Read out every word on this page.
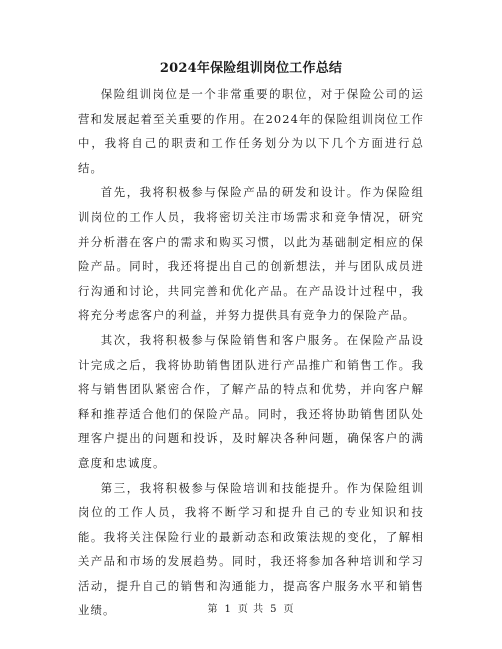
2024年保险组训岗位工作总结

保险组训岗位是一个非常重要的职位，对于保险公司的运营和发展起着至关重要的作用。在2024年的保险组训岗位工作中，我将自己的职责和工作任务划分为以下几个方面进行总结。

首先，我将积极参与保险产品的研发和设计。作为保险组训岗位的工作人员，我将密切关注市场需求和竞争情况，研究并分析潜在客户的需求和购买习惯，以此为基础制定相应的保险产品。同时，我还将提出自己的创新想法，并与团队成员进行沟通和讨论，共同完善和优化产品。在产品设计过程中，我将充分考虑客户的利益，并努力提供具有竞争力的保险产品。

其次，我将积极参与保险销售和客户服务。在保险产品设计完成之后，我将协助销售团队进行产品推广和销售工作。我将与销售团队紧密合作，了解产品的特点和优势，并向客户解释和推荐适合他们的保险产品。同时，我还将协助销售团队处理客户提出的问题和投诉，及时解决各种问题，确保客户的满意度和忠诚度。

第三，我将积极参与保险培训和技能提升。作为保险组训岗位的工作人员，我将不断学习和提升自己的专业知识和技能。我将关注保险行业的最新动态和政策法规的变化，了解相关产品和市场的发展趋势。同时，我还将参加各种培训和学习活动，提升自己的销售和沟通能力，提高客户服务水平和销售业绩。	第 1 页 共 5 页
